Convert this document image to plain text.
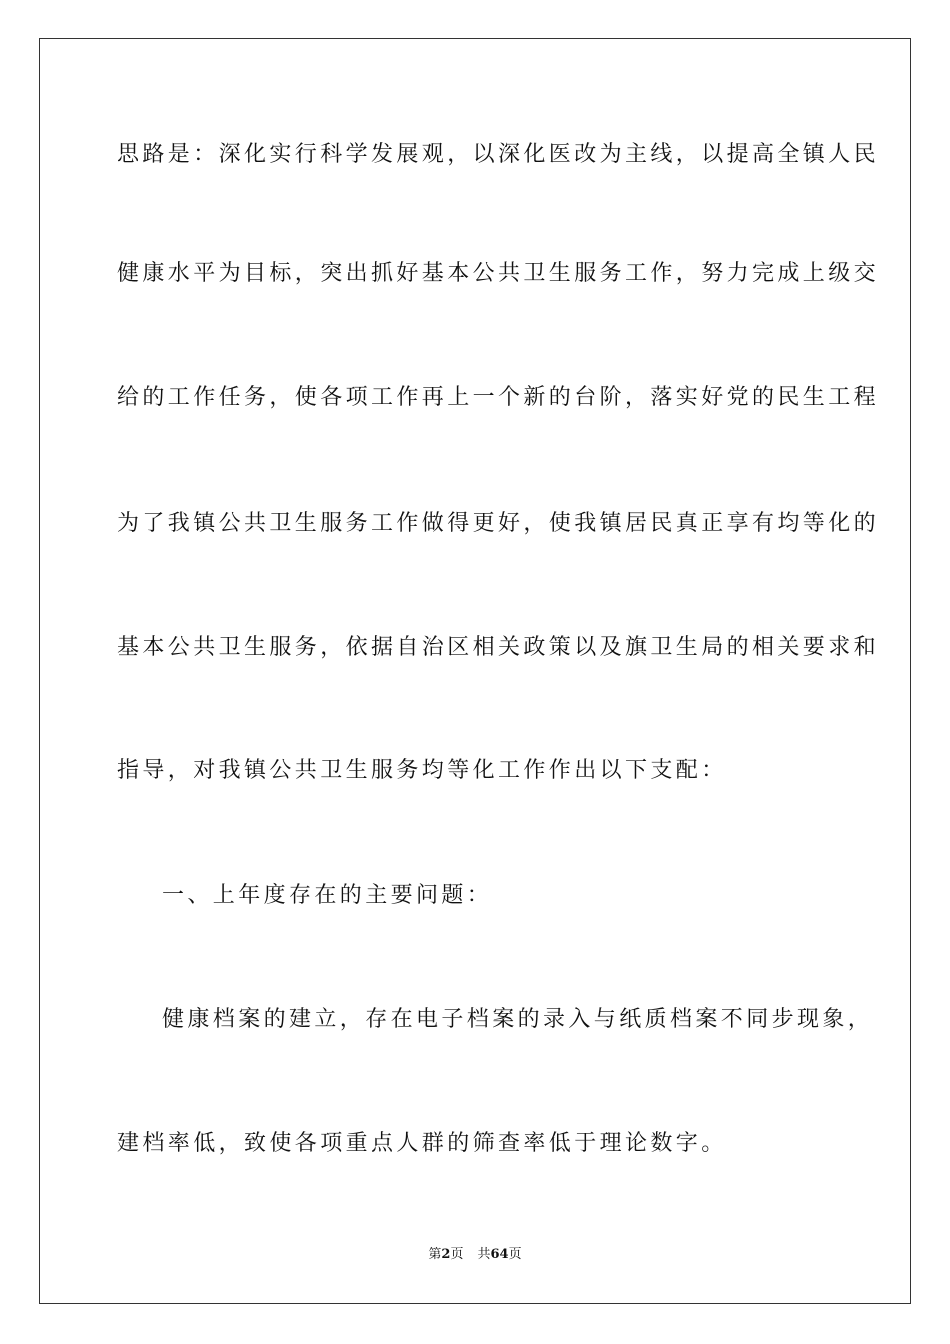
思路是：深化实行科学发展观，以深化医改为主线，以提高全镇人民
健康水平为目标，突出抓好基本公共卫生服务工作，努力完成上级交
给的工作任务，使各项工作再上一个新的台阶，落实好党的民生工程
为了我镇公共卫生服务工作做得更好，使我镇居民真正享有均等化的
基本公共卫生服务，依据自治区相关政策以及旗卫生局的相关要求和
指导，对我镇公共卫生服务均等化工作作出以下支配：
一、上年度存在的主要问题：
健康档案的建立，存在电子档案的录入与纸质档案不同步现象，
建档率低，致使各项重点人群的筛查率低于理论数字。
第2页 共64页
